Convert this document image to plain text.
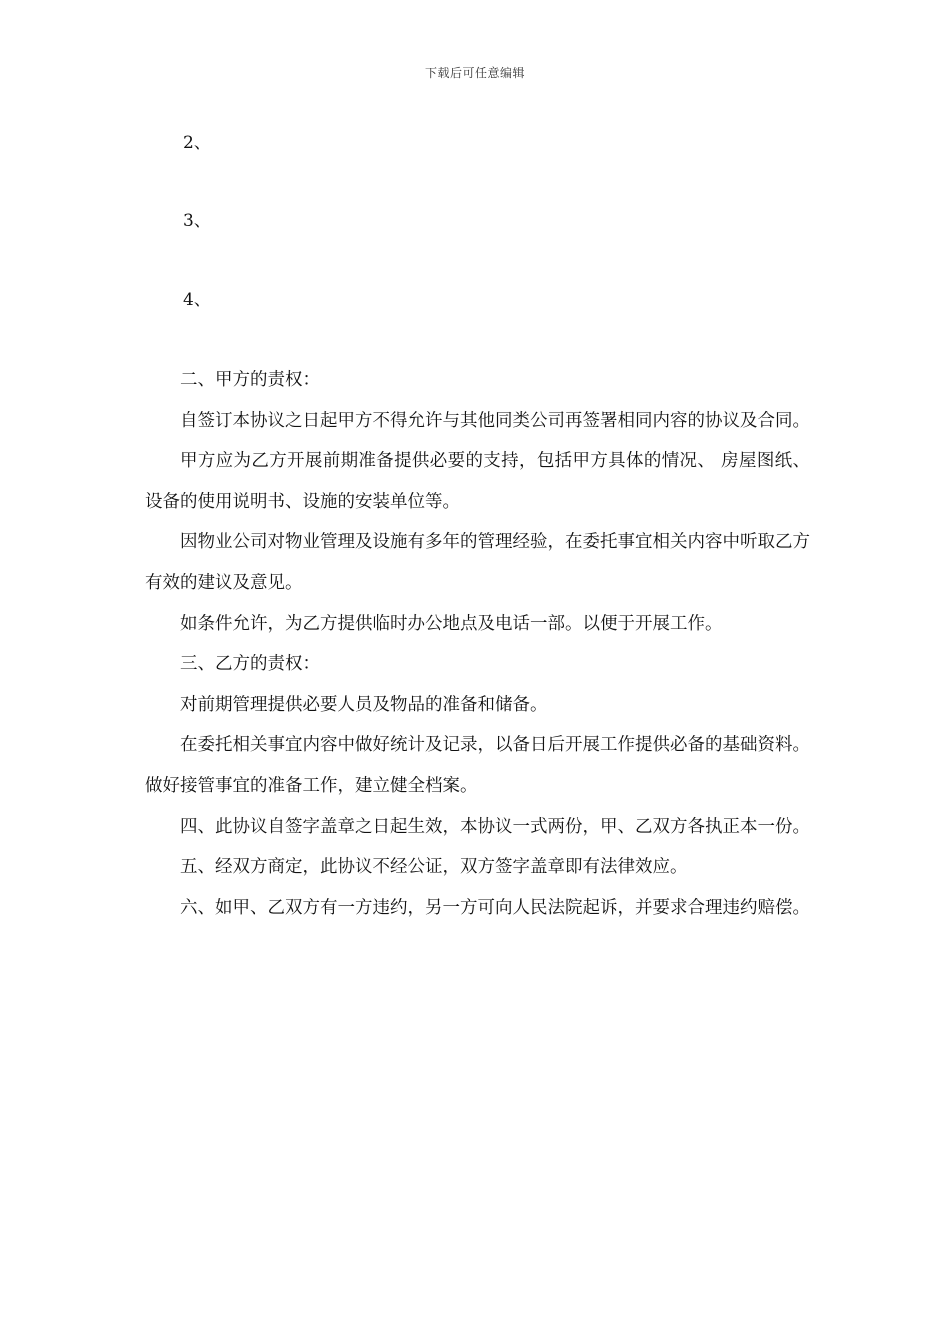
下载后可任意编辑
2、
3、
4、

二、甲方的责权：

自签订本协议之日起甲方不得允许与其他同类公司再签署相同内容的协议及合同。

甲方应为乙方开展前期准备提供必要的支持，包括甲方具体的情况、 房屋图纸、设备的使用说明书、设施的安装单位等。

因物业公司对物业管理及设施有多年的管理经验，在委托事宜相关内容中听取乙方有效的建议及意见。

如条件允许，为乙方提供临时办公地点及电话一部。以便于开展工作。

三、乙方的责权：

对前期管理提供必要人员及物品的准备和储备。

在委托相关事宜内容中做好统计及记录，以备日后开展工作提供必备的基础资料。做好接管事宜的准备工作，建立健全档案。

四、此协议自签字盖章之日起生效，本协议一式两份，甲、乙双方各执正本一份。

五、经双方商定，此协议不经公证，双方签字盖章即有法律效应。

六、如甲、乙双方有一方违约，另一方可向人民法院起诉，并要求合理违约赔偿。
